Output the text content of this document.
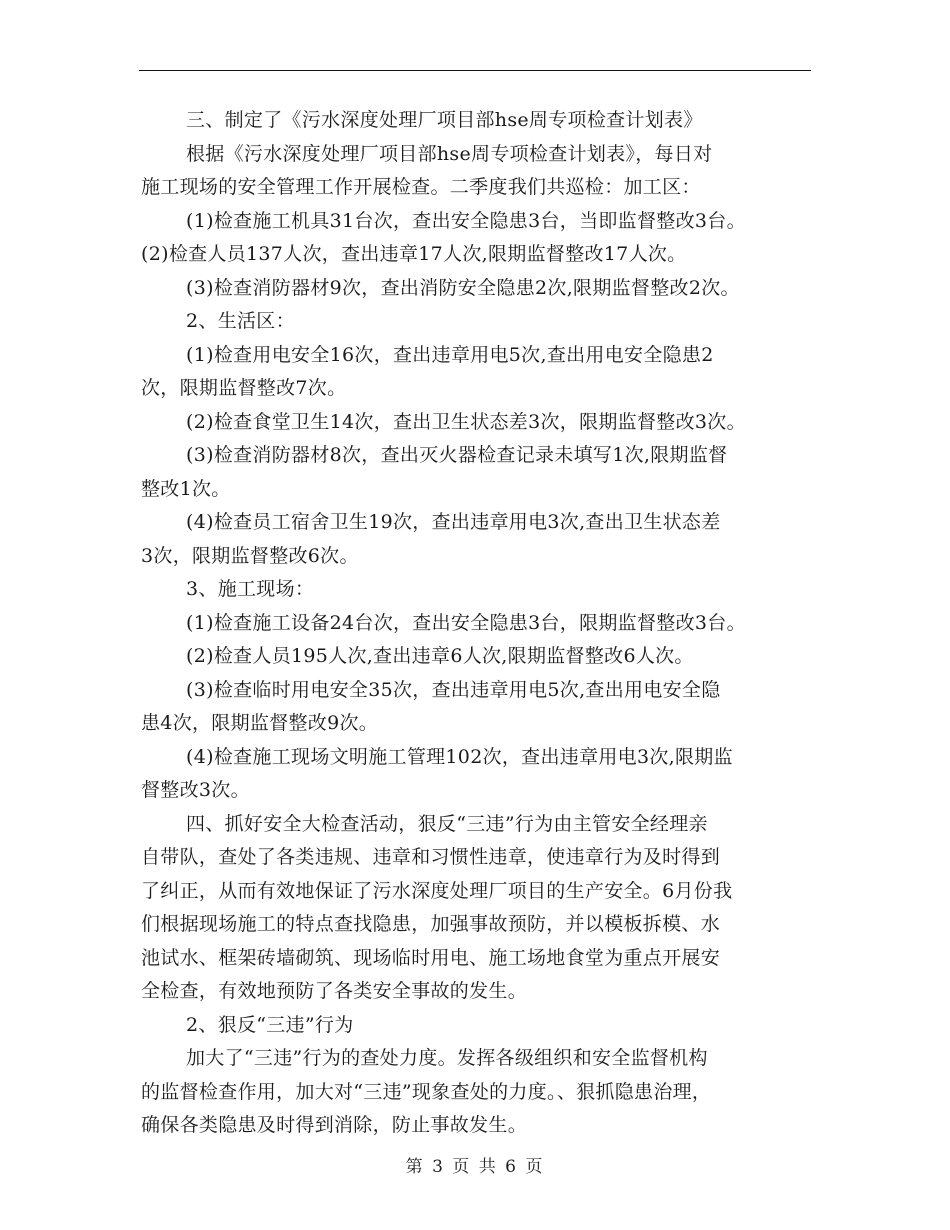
三、制定了《污水深度处理厂项目部hse周专项检查计划表》
根据《污水深度处理厂项目部hse周专项检查计划表》，每日对
施工现场的安全管理工作开展检查。二季度我们共巡检：加工区：
(1)检查施工机具31台次，查出安全隐患3台，当即监督整改3台。
(2)检查人员137人次，查出违章17人次,限期监督整改17人次。
(3)检查消防器材9次，查出消防安全隐患2次,限期监督整改2次。
2、生活区：
(1)检查用电安全16次，查出违章用电5次,查出用电安全隐患2
次，限期监督整改7次。
(2)检查食堂卫生14次，查出卫生状态差3次，限期监督整改3次。
(3)检查消防器材8次，查出灭火器检查记录未填写1次,限期监督
整改1次。
(4)检查员工宿舍卫生19次，查出违章用电3次,查出卫生状态差
3次，限期监督整改6次。
3、施工现场：
(1)检查施工设备24台次，查出安全隐患3台，限期监督整改3台。
(2)检查人员195人次,查出违章6人次,限期监督整改6人次。
(3)检查临时用电安全35次，查出违章用电5次,查出用电安全隐
患4次，限期监督整改9次。
(4)检查施工现场文明施工管理102次，查出违章用电3次,限期监
督整改3次。
四、抓好安全大检查活动，狠反“三违”行为由主管安全经理亲
自带队，查处了各类违规、违章和习惯性违章，使违章行为及时得到
了纠正，从而有效地保证了污水深度处理厂项目的生产安全。6月份我
们根据现场施工的特点查找隐患，加强事故预防，并以模板拆模、水
池试水、框架砖墙砌筑、现场临时用电、施工场地食堂为重点开展安
全检查，有效地预防了各类安全事故的发生。
2、狠反“三违”行为
加大了“三违”行为的查处力度。发挥各级组织和安全监督机构
的监督检查作用，加大对“三违”现象查处的力度。、狠抓隐患治理，
确保各类隐患及时得到消除，防止事故发生。
第 3 页 共 6 页
